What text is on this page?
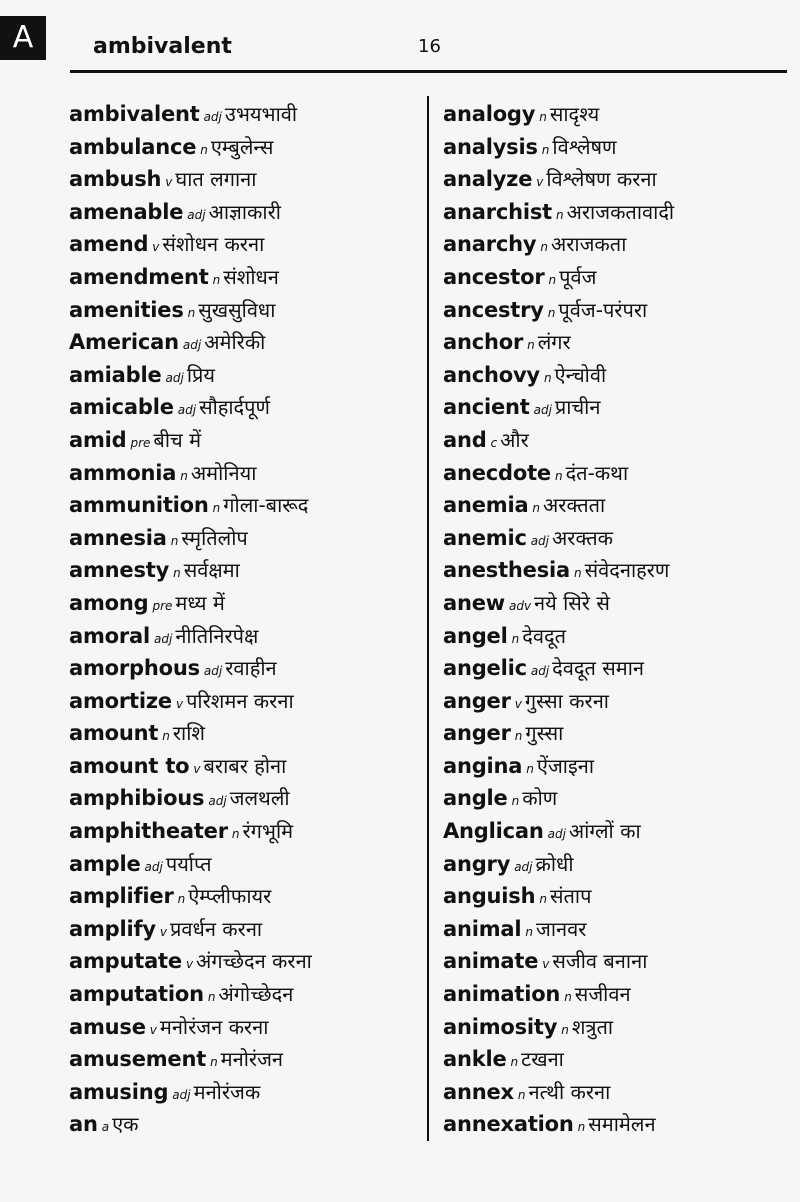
A	ambivalent	16
ambivalent adj उभयभावी
ambulance n एम्बुलेन्स
ambush v घात लगाना
amenable adj आज्ञाकारी
amend v संशोधन करना
amendment n संशोधन
amenities n सुखसुविधा
American adj अमेरिकी
amiable adj प्रिय
amicable adj सौहार्दपूर्ण
amid pre बीच में
ammonia n अमोनिया
ammunition n गोला-बारूद
amnesia n स्मृतिलोप
amnesty n सर्वक्षमा
among pre मध्य में
amoral adj नीतिनिरपेक्ष
amorphous adj रवाहीन
amortize v परिशमन करना
amount n राशि
amount to v बराबर होना
amphibious adj जलथली
amphitheater n रंगभूमि
ample adj पर्याप्त
amplifier n ऐम्प्लीफायर
amplify v प्रवर्धन करना
amputate v अंगच्छेदन करना
amputation n अंगोच्छेदन
amuse v मनोरंजन करना
amusement n मनोरंजन
amusing adj मनोरंजक
an a एक
analogy n सादृश्य
analysis n विश्लेषण
analyze v विश्लेषण करना
anarchist n अराजकतावादी
anarchy n अराजकता
ancestor n पूर्वज
ancestry n पूर्वज-परंपरा
anchor n लंगर
anchovy n ऐन्चोवी
ancient adj प्राचीन
and c और
anecdote n दंत-कथा
anemia n अरक्तता
anemic adj अरक्तक
anesthesia n संवेदनाहरण
anew adv नये सिरे से
angel n देवदूत
angelic adj देवदूत समान
anger v गुस्सा करना
anger n गुस्सा
angina n ऐंजाइना
angle n कोण
Anglican adj आंग्लों का
angry adj क्रोधी
anguish n संताप
animal n जानवर
animate v सजीव बनाना
animation n सजीवन
animosity n शत्रुता
ankle n टखना
annex n नत्थी करना
annexation n समामेलन
